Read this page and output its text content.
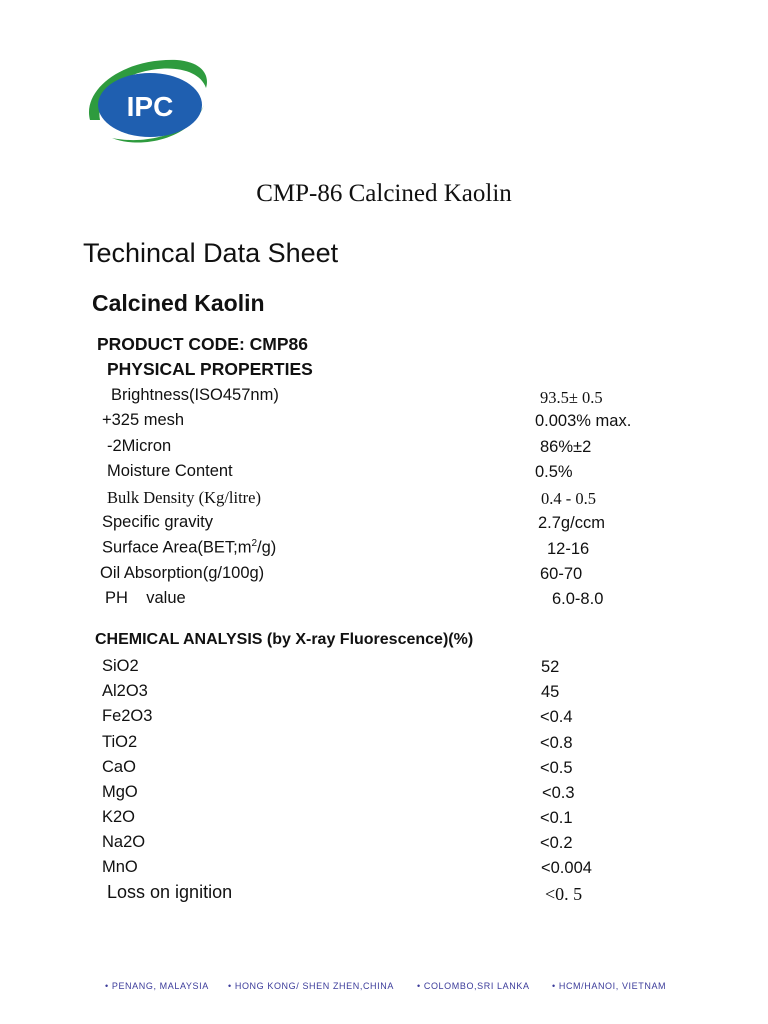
IPC
CMP-86 Calcined Kaolin
Techincal Data Sheet
Calcined Kaolin
PRODUCT CODE: CMP86
PHYSICAL PROPERTIES
Brightness(ISO457nm)	93.5± 0.5
+325 mesh	0.003% max.
-2Micron	86%±2
Moisture Content	0.5%
Bulk Density (Kg/litre)	0.4 - 0.5
Specific gravity	2.7g/ccm
Surface $Area(BET;m^2/g)$	12-16
Oil Absorption(g/100g)	60-70
PH    value	6.0-8.0
CHEMICAL ANALYSIS (by X-ray Fluorescence)(%)
SiO2	52
Al2O3	45
Fe2O3	<0.4
TiO2	<0.8
CaO	<0.5
MgO	<0.3
K2O	<0.1
Na2O	<0.2
MnO	<0.004
Loss on ignition	<0. 5
• PENANG, MALAYSIA • HONG KONG/ SHEN ZHEN,CHINA	• COLOMBO,SRI LANKA • HCM/HANOI, VIETNAM
